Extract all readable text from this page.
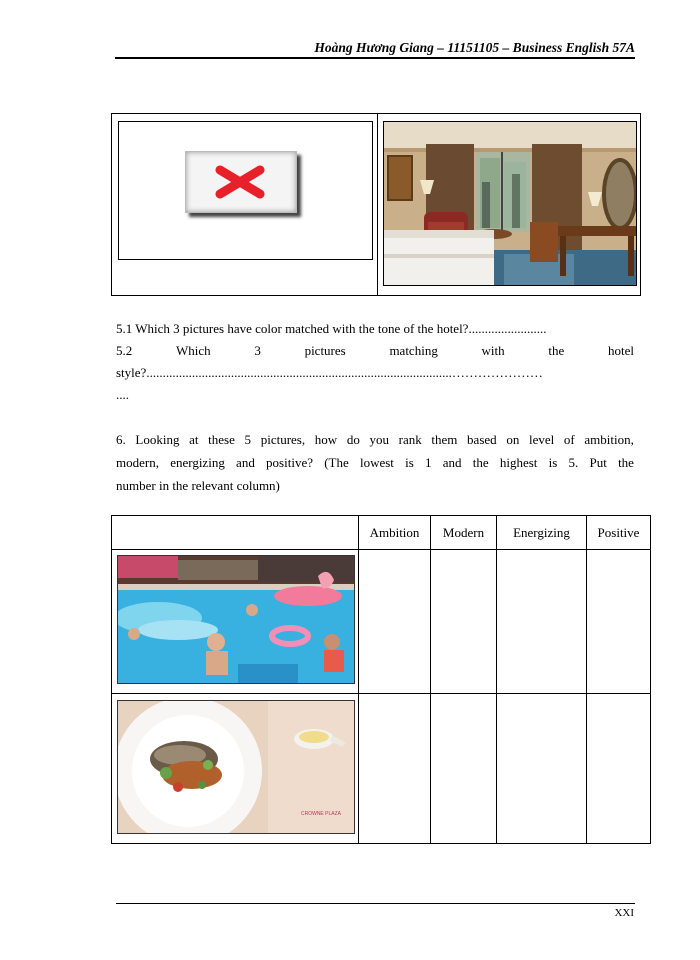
Hoàng Hương Giang – 11151105 – Business English 57A
5.1 Which 3 pictures have color matched with the tone of the hotel?........................
5.2	Which	3	pictures	matching	with	the	hotel
style?..............................................................................................…………………
....
6. Looking at these 5 pictures, how do you rank them based on level of ambition,
modern, energizing and positive? (The lowest is 1 and the highest is 5. Put the
number in the relevant column)
	Ambition	Modern	Energizing	Positive

CROWNE PLAZA				

XXI
